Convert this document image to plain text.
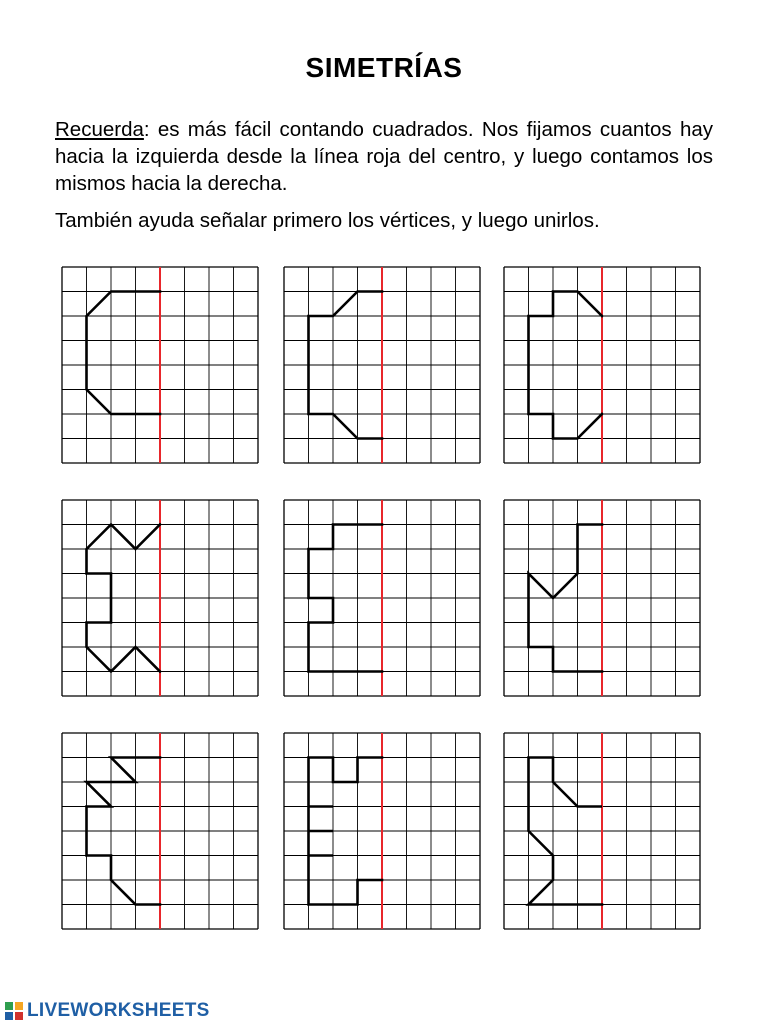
SIMETRÍAS

Recuerda: es más fácil contando cuadrados. Nos fijamos cuantos hay hacia la izquierda desde la línea roja del centro, y luego contamos los mismos hacia la derecha.

También ayuda señalar primero los vértices, y luego unirlos.

LIVEWORKSHEETS
